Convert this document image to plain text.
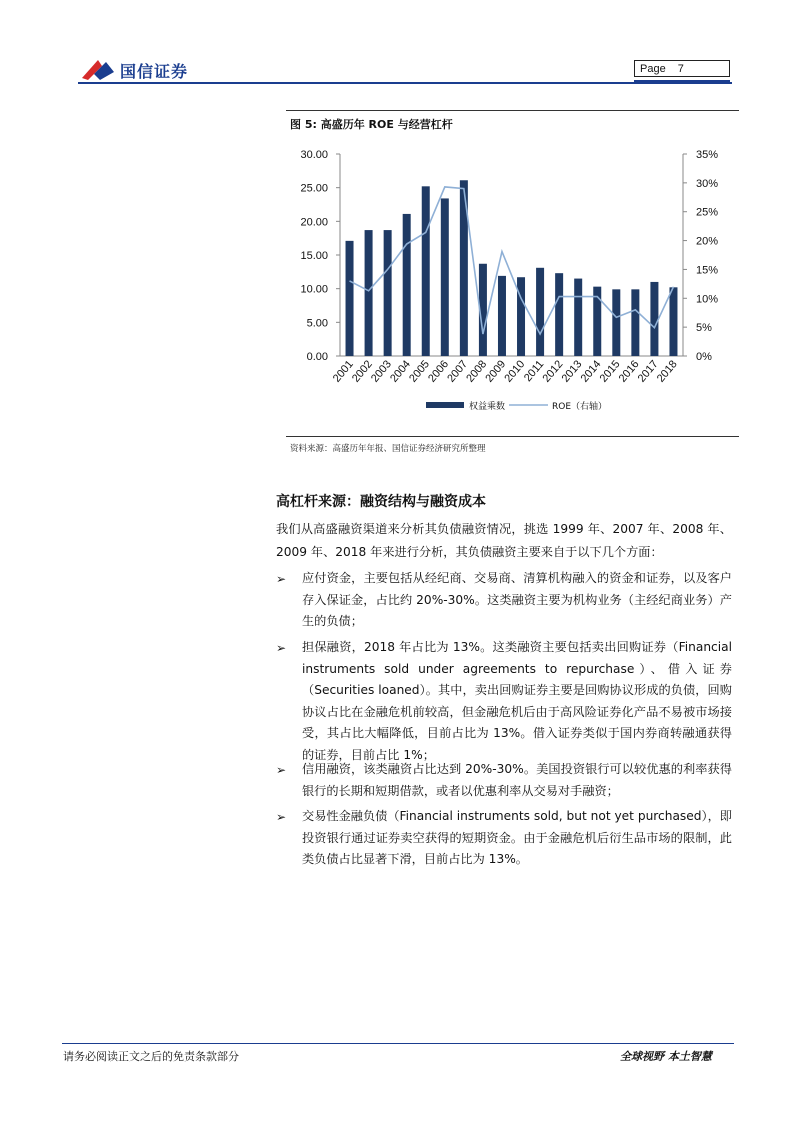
国信证券	Page 7
图 5: 高盛历年 ROE 与经营杠杆
30.00
25.00
20.00
15.00
10.00
5.00
0.00
35%
30%
25%
20%
15%
10%
5%
0%
2001
2002
2003
2004
2005
2006
2007
2008
2009
2010
2011
2012
2013
2014
2015
2016
2017
2018
权益乘数	ROE（右轴）
资料来源：高盛历年年报、国信证券经济研究所整理
高杠杆来源：融资结构与融资成本
我们从高盛融资渠道来分析其负债融资情况，挑选 1999 年、2007 年、2008 年、2009 年、2018 年来进行分析，其负债融资主要来自于以下几个方面：
➢ 应付资金，主要包括从经纪商、交易商、清算机构融入的资金和证券，以及客户存入保证金，占比约 20%-30%。这类融资主要为机构业务（主经纪商业务）产生的负债；
➢ 担保融资，2018 年占比为 13%。这类融资主要包括卖出回购证券（Financial instruments sold under agreements to repurchase）、借入证券（Securities loaned）。其中，卖出回购证券主要是回购协议形成的负债，回购协议占比在金融危机前较高，但金融危机后由于高风险证券化产品不易被市场接受，其占比大幅降低，目前占比为 13%。借入证券类似于国内券商转融通获得的证券，目前占比 1%；
➢ 信用融资，该类融资占比达到 20%-30%。美国投资银行可以较优惠的利率获得银行的长期和短期借款，或者以优惠利率从交易对手融资；
➢ 交易性金融负债（Financial instruments sold, but not yet purchased），即投资银行通过证券卖空获得的短期资金。由于金融危机后衍生品市场的限制，此类负债占比显著下滑，目前占比为 13%。
请务必阅读正文之后的免责条款部分	全球视野 本土智慧
